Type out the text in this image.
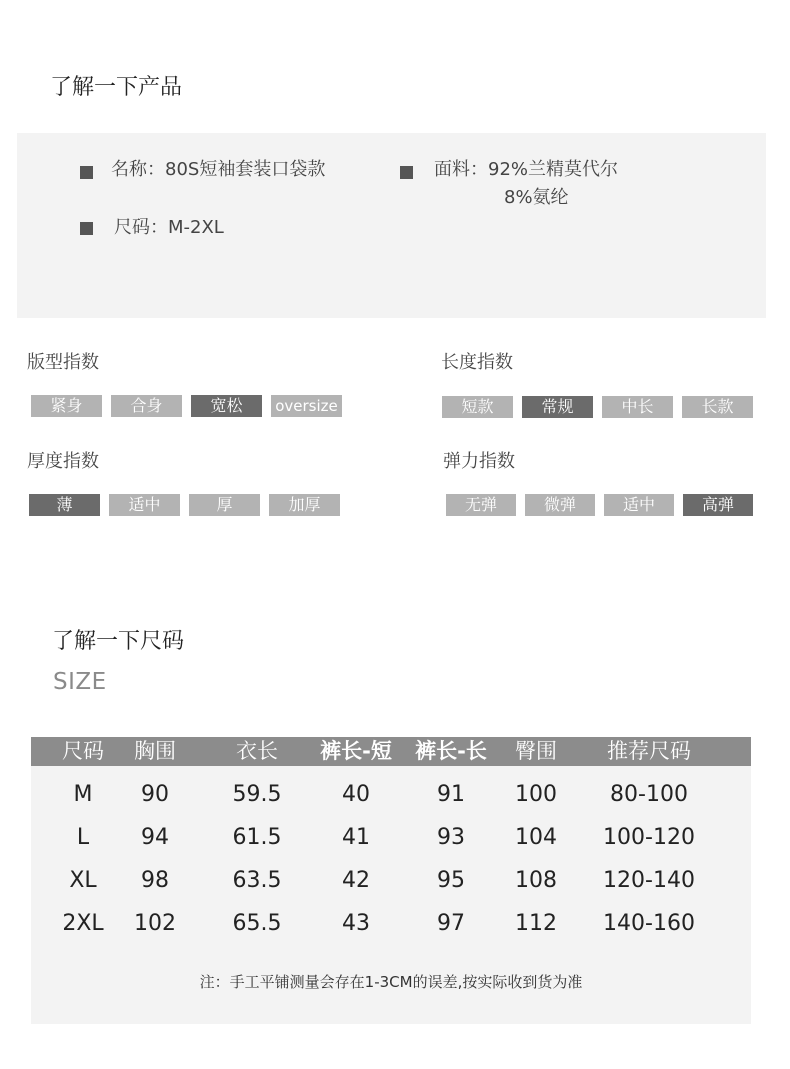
了解一下产品
名称：80S短袖套装口袋款	面料：92%兰精莫代尔
8%氨纶
尺码：M-2XL
版型指数
紧身	合身	宽松	oversize
长度指数
短款	常规	中长	长款
厚度指数
薄	适中	厚	加厚
弹力指数
无弹	微弹	适中	高弹
了解一下尺码
SIZE
尺码	胸围	衣长	裤长-短	裤长-长	臀围	推荐尺码
M	90	59.5	40	91	100	80-100
L	94	61.5	41	93	104	100-120
XL	98	63.5	42	95	108	120-140
2XL	102	65.5	43	97	112	140-160
注：手工平铺测量会存在1-3CM的误差,按实际收到货为准
